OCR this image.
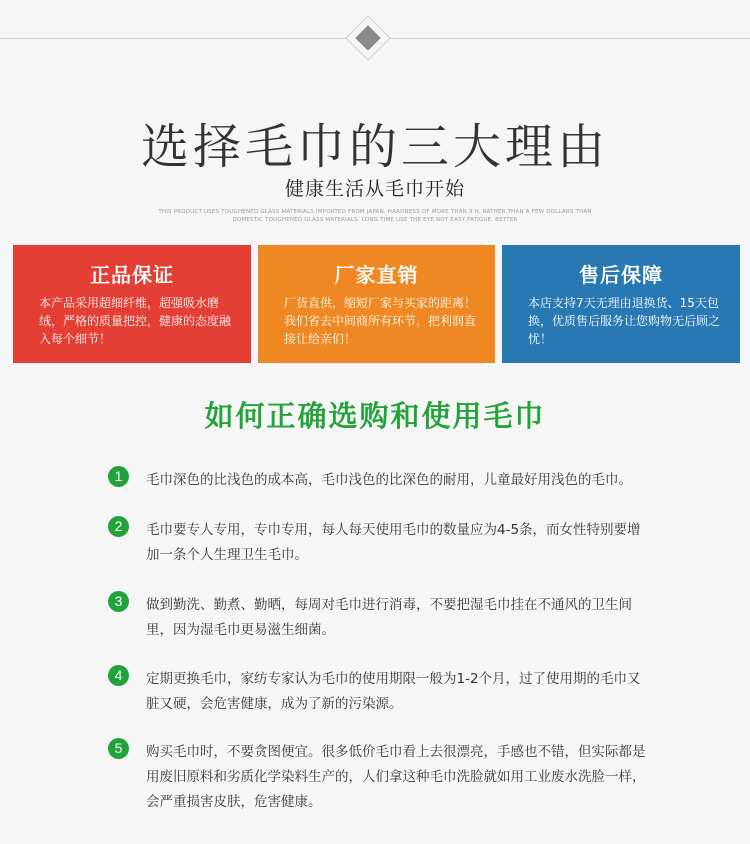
选择毛巾的三大理由
健康生活从毛巾开始
THIS PRODUCT USES TOUGHENED GLASS MATERIALS IMPORTED FROM JAPAN. HARDNESS OF MORE THAN 9 H. RATHER THAN A FEW DOLLARS THAN
DOMESTIC TOUGHENED GLASS MATERIALS. LONG TIME USE THE EYE NOT EASY FATIGUE. BETTER
正品保证
本产品采用超细纤维，超强吸水磨绒，严格的质量把控，健康的态度融入每个细节！
厂家直销
厂货直供，缩短厂家与买家的距离！我们省去中间商所有环节，把利润直接让给亲们！
售后保障
本店支持7天无理由退换货、15天包换，优质售后服务让您购物无后顾之忧！
如何正确选购和使用毛巾
1	毛巾深色的比浅色的成本高，毛巾浅色的比深色的耐用，儿童最好用浅色的毛巾。
2	毛巾要专人专用，专巾专用，每人每天使用毛巾的数量应为4-5条，而女性特别要增加一条个人生理卫生毛巾。
3	做到勤洗、勤煮、勤晒，每周对毛巾进行消毒，不要把湿毛巾挂在不通风的卫生间里，因为湿毛巾更易滋生细菌。
4	定期更换毛巾，家纺专家认为毛巾的使用期限一般为1-2个月，过了使用期的毛巾又脏又硬，会危害健康，成为了新的污染源。
5	购买毛巾时，不要贪图便宜。很多低价毛巾看上去很漂亮，手感也不错，但实际都是用废旧原料和劣质化学染料生产的，人们拿这种毛巾洗脸就如用工业废水洗脸一样，会严重损害皮肤，危害健康。
